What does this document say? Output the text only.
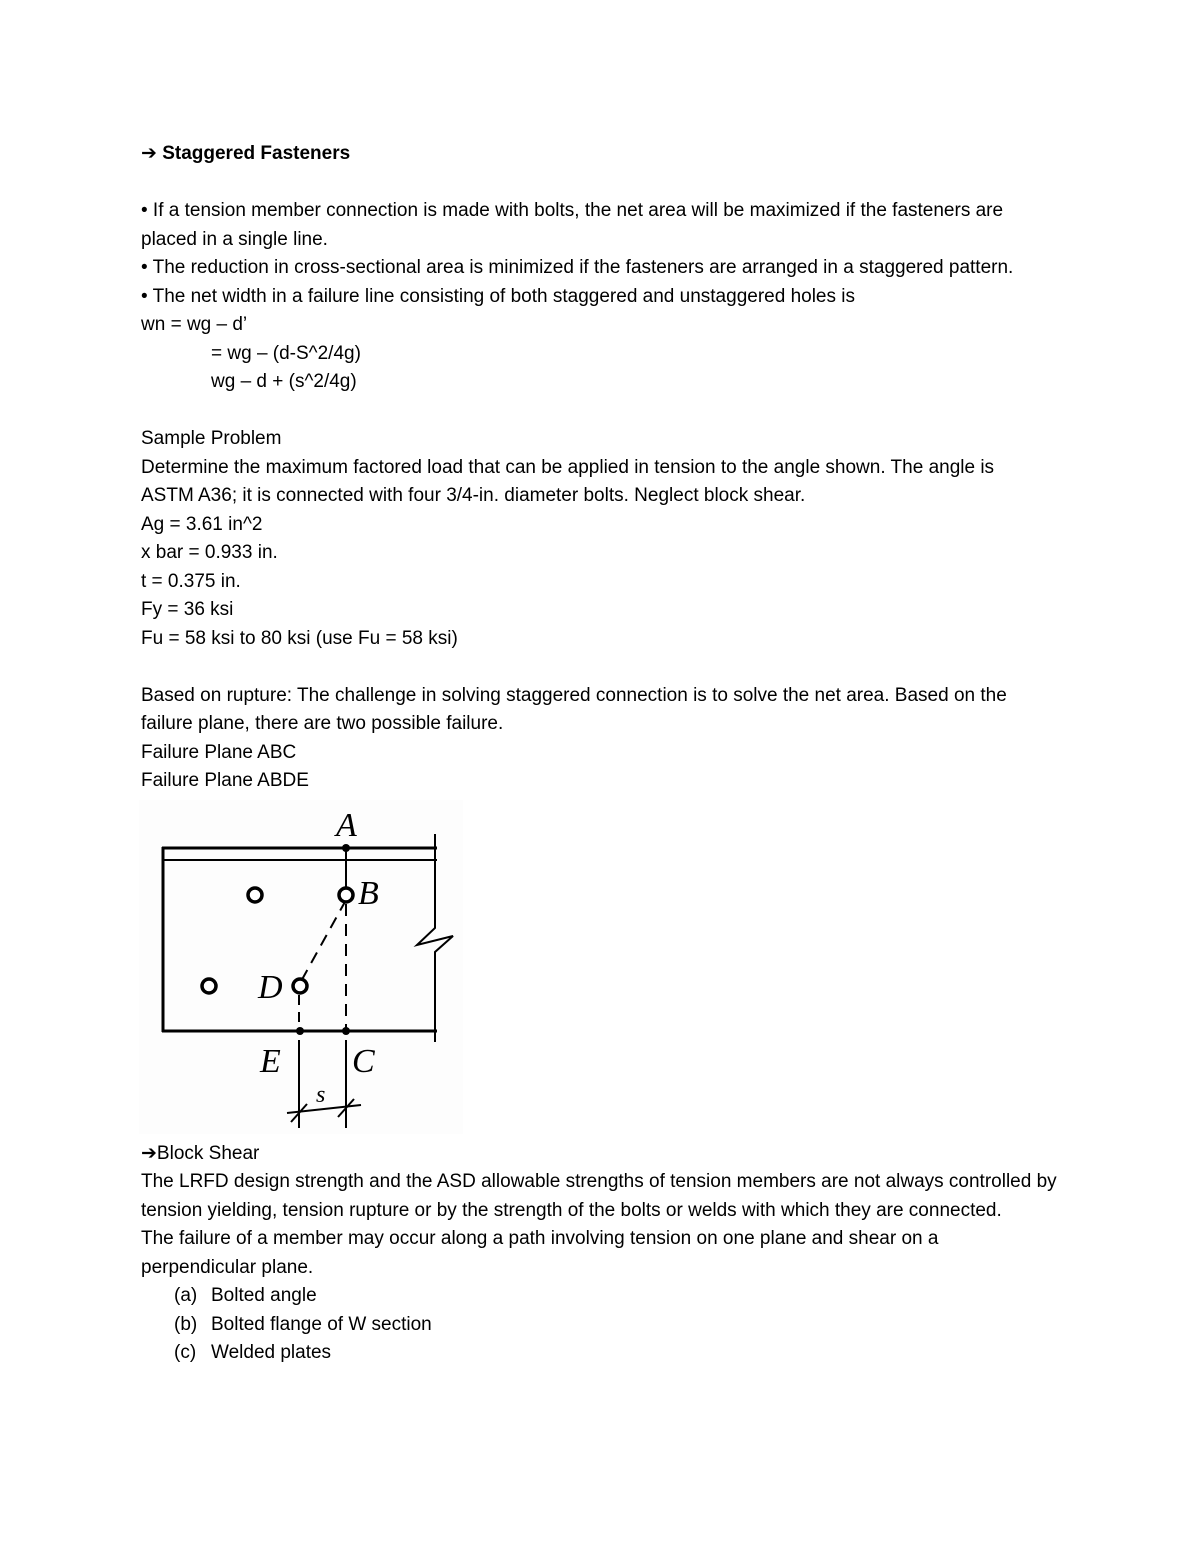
➔ Staggered Fasteners
• If a tension member connection is made with bolts, the net area will be maximized if the fasteners are placed in a single line.
• The reduction in cross-sectional area is minimized if the fasteners are arranged in a staggered pattern.
• The net width in a failure line consisting of both staggered and unstaggered holes is
wn = wg – d’
= wg – (d-S^2/4g)
wg – d + (s^2/4g)
Sample Problem
Determine the maximum factored load that can be applied in tension to the angle shown. The angle is ASTM A36; it is connected with four 3/4-in. diameter bolts. Neglect block shear.
Ag = 3.61 in^2
x bar = 0.933 in.
t = 0.375 in.
Fy = 36 ksi
Fu = 58 ksi to 80 ksi (use Fu = 58 ksi)
Based on rupture: The challenge in solving staggered connection is to solve the net area. Based on the failure plane, there are two possible failure.
Failure Plane ABC
Failure Plane ABDE
A
B
D
E C
s
➔Block Shear
The LRFD design strength and the ASD allowable strengths of tension members are not always controlled by tension yielding, tension rupture or by the strength of the bolts or welds with which they are connected.
The failure of a member may occur along a path involving tension on one plane and shear on a perpendicular plane.
(a) Bolted angle
(b) Bolted flange of W section
(c) Welded plates
